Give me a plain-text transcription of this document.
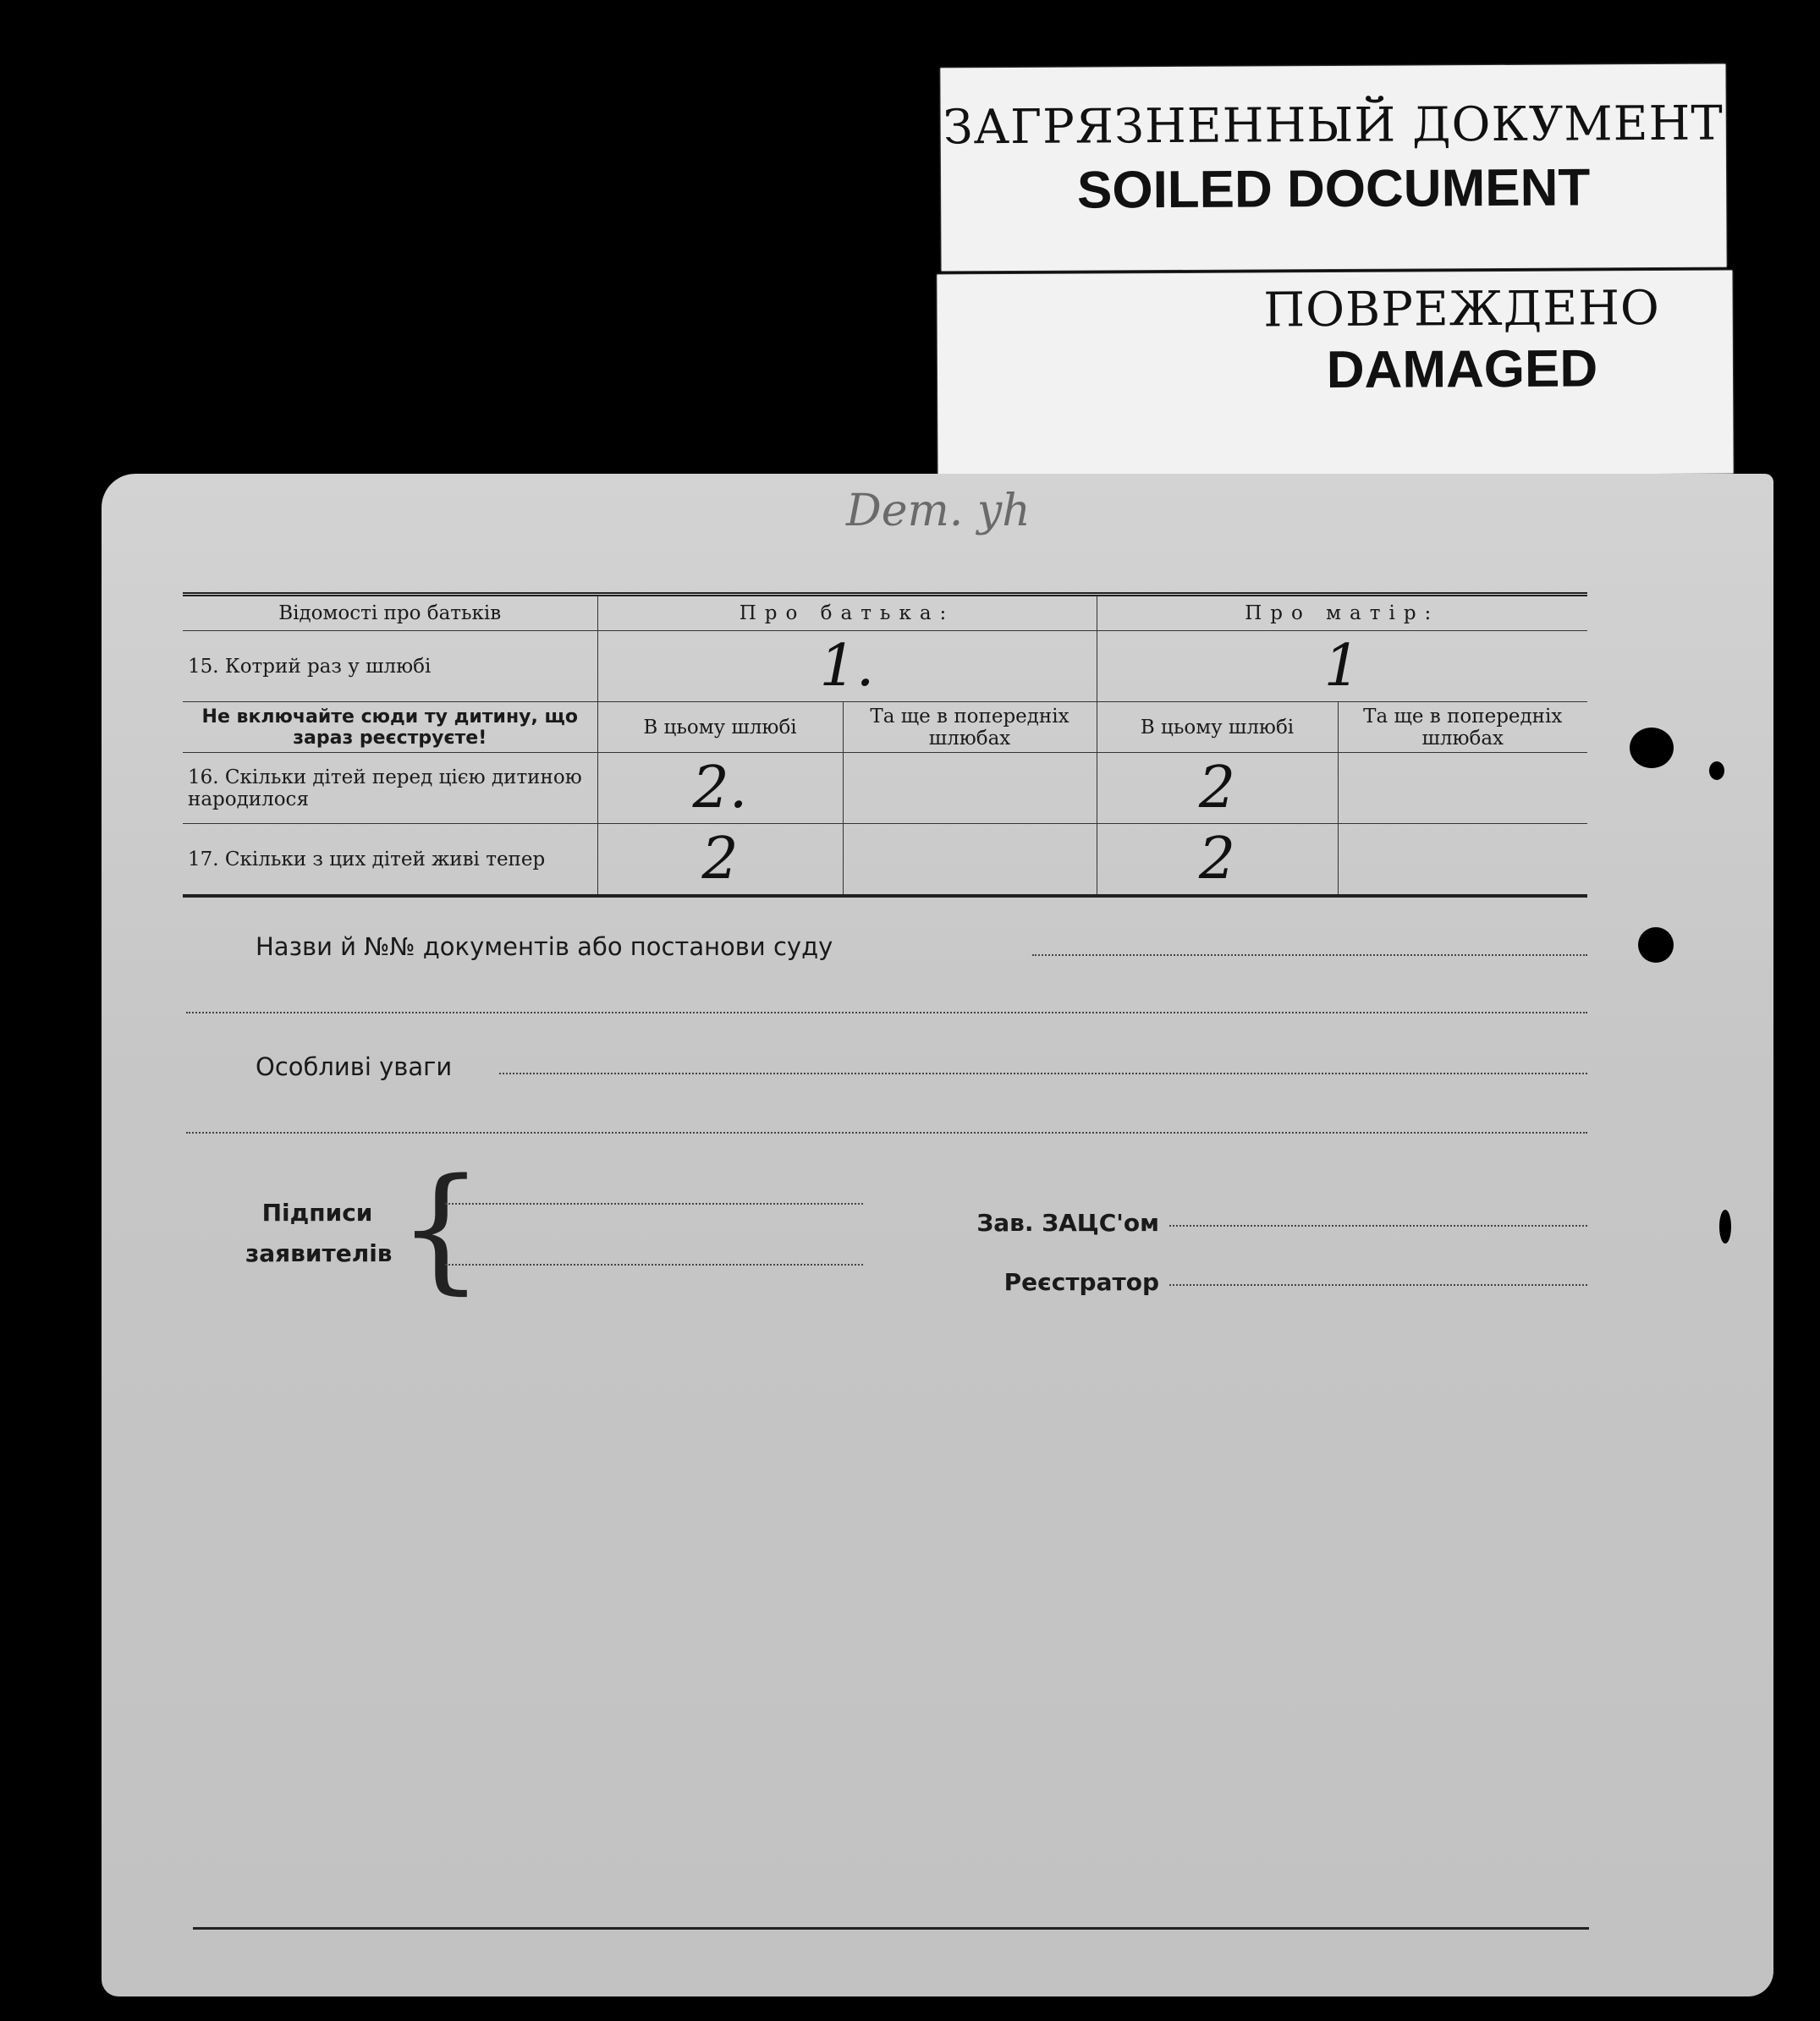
ЗАГРЯЗНЕННЫЙ ДОКУМЕНТ
SOILED DOCUMENT
ПОВРЕЖДЕНО
DAMAGED
Dem. yh
Відомості про батьків	Про батька:		Про матір:	
15. Котрий раз у шлюбі	1.		1	
Не включайте сюди ту дитину, що зараз реєструєте!	В цьому шлюбі	Та ще в попередніх шлюбах	В цьому шлюбі	Та ще в попередніх шлюбах
16. Скільки дітей перед цією дитиною народилося	2.		2	
17. Скільки з цих дітей живі тепер	2		2	
Назви й №№ документів або постанови суду
Особливі уваги
Підписи
заявителів {	Зав. ЗАЦС'ом
Реєстратор
